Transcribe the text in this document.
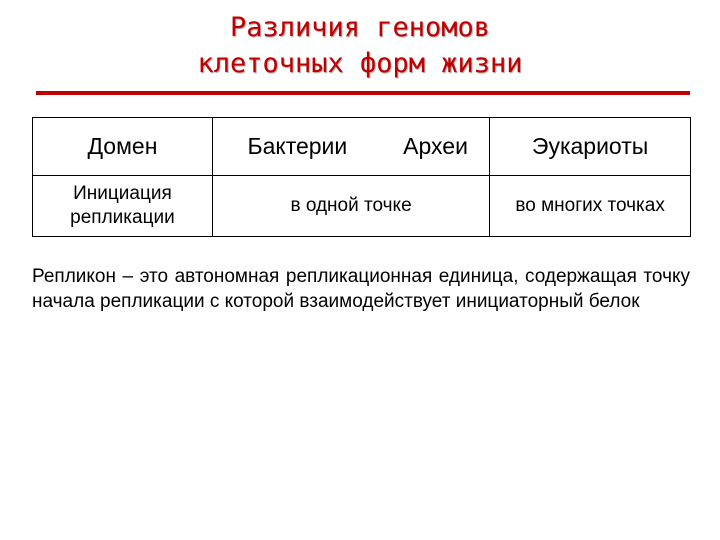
Различия геномов
клеточных форм жизни
Домен	Бактерии	Археи	Эукариоты
Инициация репликации	в одной точке		во многих точках
Репликон – это автономная репликационная единица, содержащая точку начала репликации с которой взаимодействует инициаторный белок
